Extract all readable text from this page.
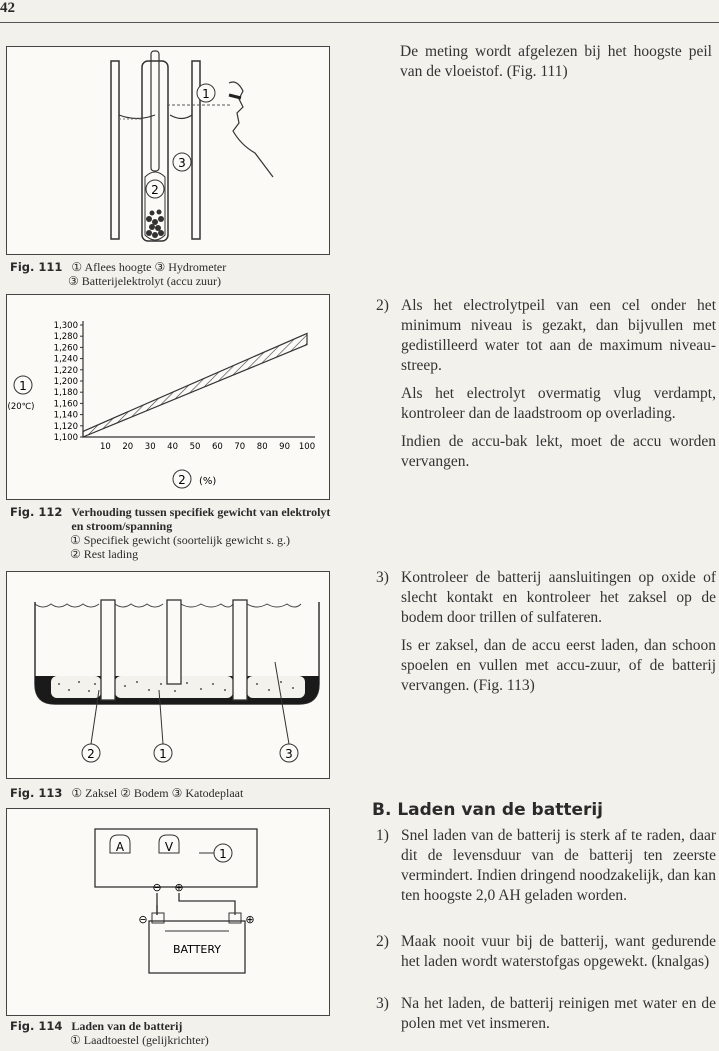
42
1
2
3
Fig. 111 ① Aflees hoogte ③ Hydrometer
③ Batterijelektrolyt (accu zuur)
1,300
1,280
1,260
1,240
1,220
1,200
1,180
1,160
1,140
1,120
1,100
10 20 30 40 50 60 70 80 90 100
1
(20℃)
2 (%)
Fig. 112 Verhouding tussen specifiek gewicht van elektrolyt en stroom/spanning
① Specifiek gewicht (soortelijk gewicht s. g.)
② Rest lading
2	1	3
Fig. 113 ① Zaksel ② Bodem ③ Katodeplaat
A	V	1
⊖ ⊕
⊖	⊕
BATTERY
Fig. 114 Laden van de batterij
① Laadtoestel (gelijkrichter)
De meting wordt afgelezen bij het hoogste peil van de vloeistof. (Fig. 111)
2) Als het electrolytpeil van een cel onder het minimum niveau is gezakt, dan bijvullen met gedistilleerd water tot aan de maximum niveau-streep.

Als het electrolyt overmatig vlug verdampt, kontroleer dan de laadstroom op overlading.

Indien de accu-bak lekt, moet de accu worden vervangen.

3) Kontroleer de batterij aansluitingen op oxide of slecht kontakt en kontroleer het zaksel op de bodem door trillen of sulfateren.

Is er zaksel, dan de accu eerst laden, dan schoon spoelen en vullen met accu-zuur, of de batterij vervangen. (Fig. 113)

B. Laden van de batterij
1) Snel laden van de batterij is sterk af te raden, daar dit de levensduur van de batterij ten zeerste vermindert. Indien dringend noodzakelijk, dan kan ten hoogste 2,0 AH geladen worden.

2) Maak nooit vuur bij de batterij, want gedurende het laden wordt waterstofgas opgewekt. (knalgas)

3) Na het laden, de batterij reinigen met water en de polen met vet insmeren.
